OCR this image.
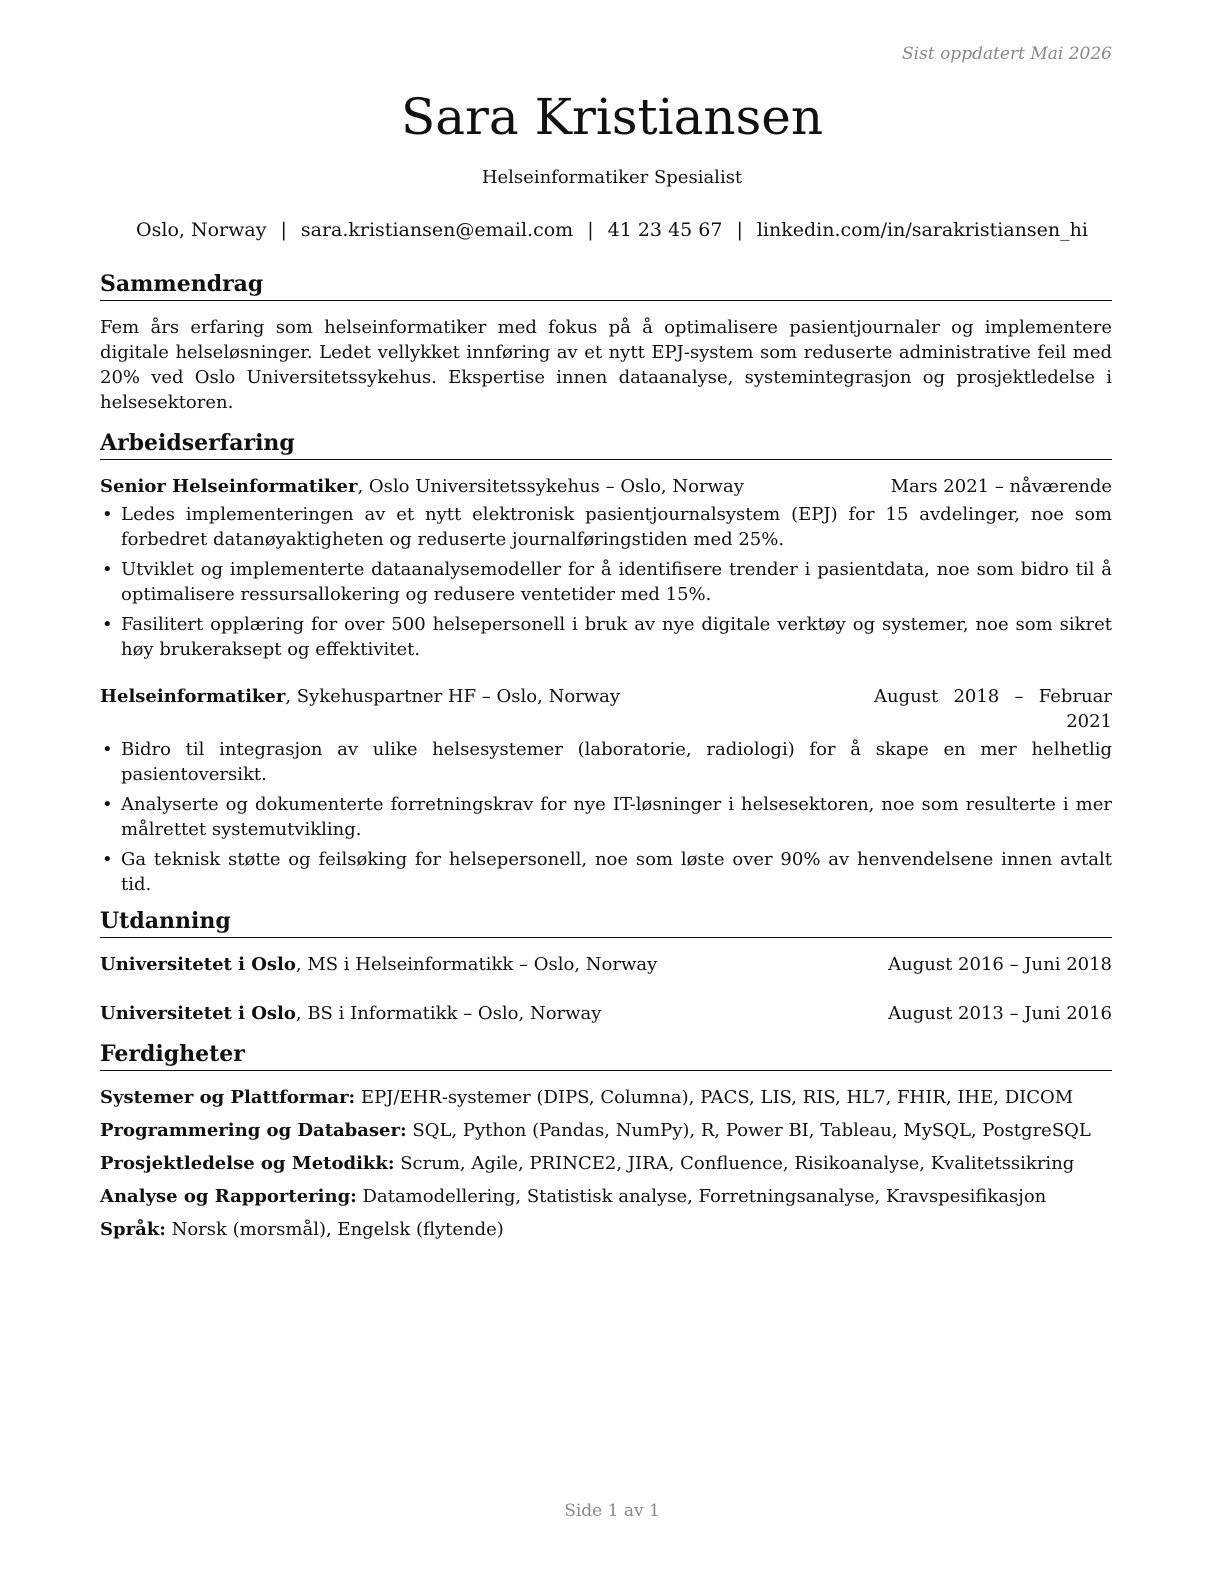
Sist oppdatert Mai 2026
Sara Kristiansen
Helseinformatiker Spesialist
Oslo, Norway | sara.kristiansen@email.com | 41 23 45 67 | linkedin.com/in/sarakristiansen_hi
Sammendrag

Fem års erfaring som helseinformatiker med fokus på å optimalisere pasientjournaler og implementere digitale helseløsninger. Ledet vellykket innføring av et nytt EPJ-system som reduserte administrative feil med 20% ved Oslo Universitetssykehus. Ekspertise innen dataanalyse, systemintegrasjon og prosjektledelse i helsesektoren.

Arbeidserfaring
Senior Helseinformatiker, Oslo Universitetssykehus – Oslo, Norway	Mars 2021 – nåværende
• Ledes implementeringen av et nytt elektronisk pasientjournalsystem (EPJ) for 15 avdelinger, noe som forbedret datanøyaktigheten og reduserte journalføringstiden med 25%.
• Utviklet og implementerte dataanalysemodeller for å identifisere trender i pasientdata, noe som bidro til å optimalisere ressursallokering og redusere ventetider med 15%.
• Fasilitert opplæring for over 500 helsepersonell i bruk av nye digitale verktøy og systemer, noe som sikret høy brukeraksept og effektivitet.
Helseinformatiker, Sykehuspartner HF – Oslo, Norway	August 2018 – Februar 2021
• Bidro til integrasjon av ulike helsesystemer (laboratorie, radiologi) for å skape en mer helhetlig pasientoversikt.
• Analyserte og dokumenterte forretningskrav for nye IT-løsninger i helsesektoren, noe som resulterte i mer målrettet systemutvikling.
• Ga teknisk støtte og feilsøking for helsepersonell, noe som løste over 90% av henvendelsene innen avtalt tid.
Utdanning
Universitetet i Oslo, MS i Helseinformatikk – Oslo, Norway	August 2016 – Juni 2018
Universitetet i Oslo, BS i Informatikk – Oslo, Norway	August 2013 – Juni 2016
Ferdigheter
Systemer og Plattformar: EPJ/EHR-systemer (DIPS, Columna), PACS, LIS, RIS, HL7, FHIR, IHE, DICOM
Programmering og Databaser: SQL, Python (Pandas, NumPy), R, Power BI, Tableau, MySQL, PostgreSQL
Prosjektledelse og Metodikk: Scrum, Agile, PRINCE2, JIRA, Confluence, Risikoanalyse, Kvalitetssikring
Analyse og Rapportering: Datamodellering, Statistisk analyse, Forretningsanalyse, Kravspesifikasjon
Språk: Norsk (morsmål), Engelsk (flytende)
Side 1 av 1
